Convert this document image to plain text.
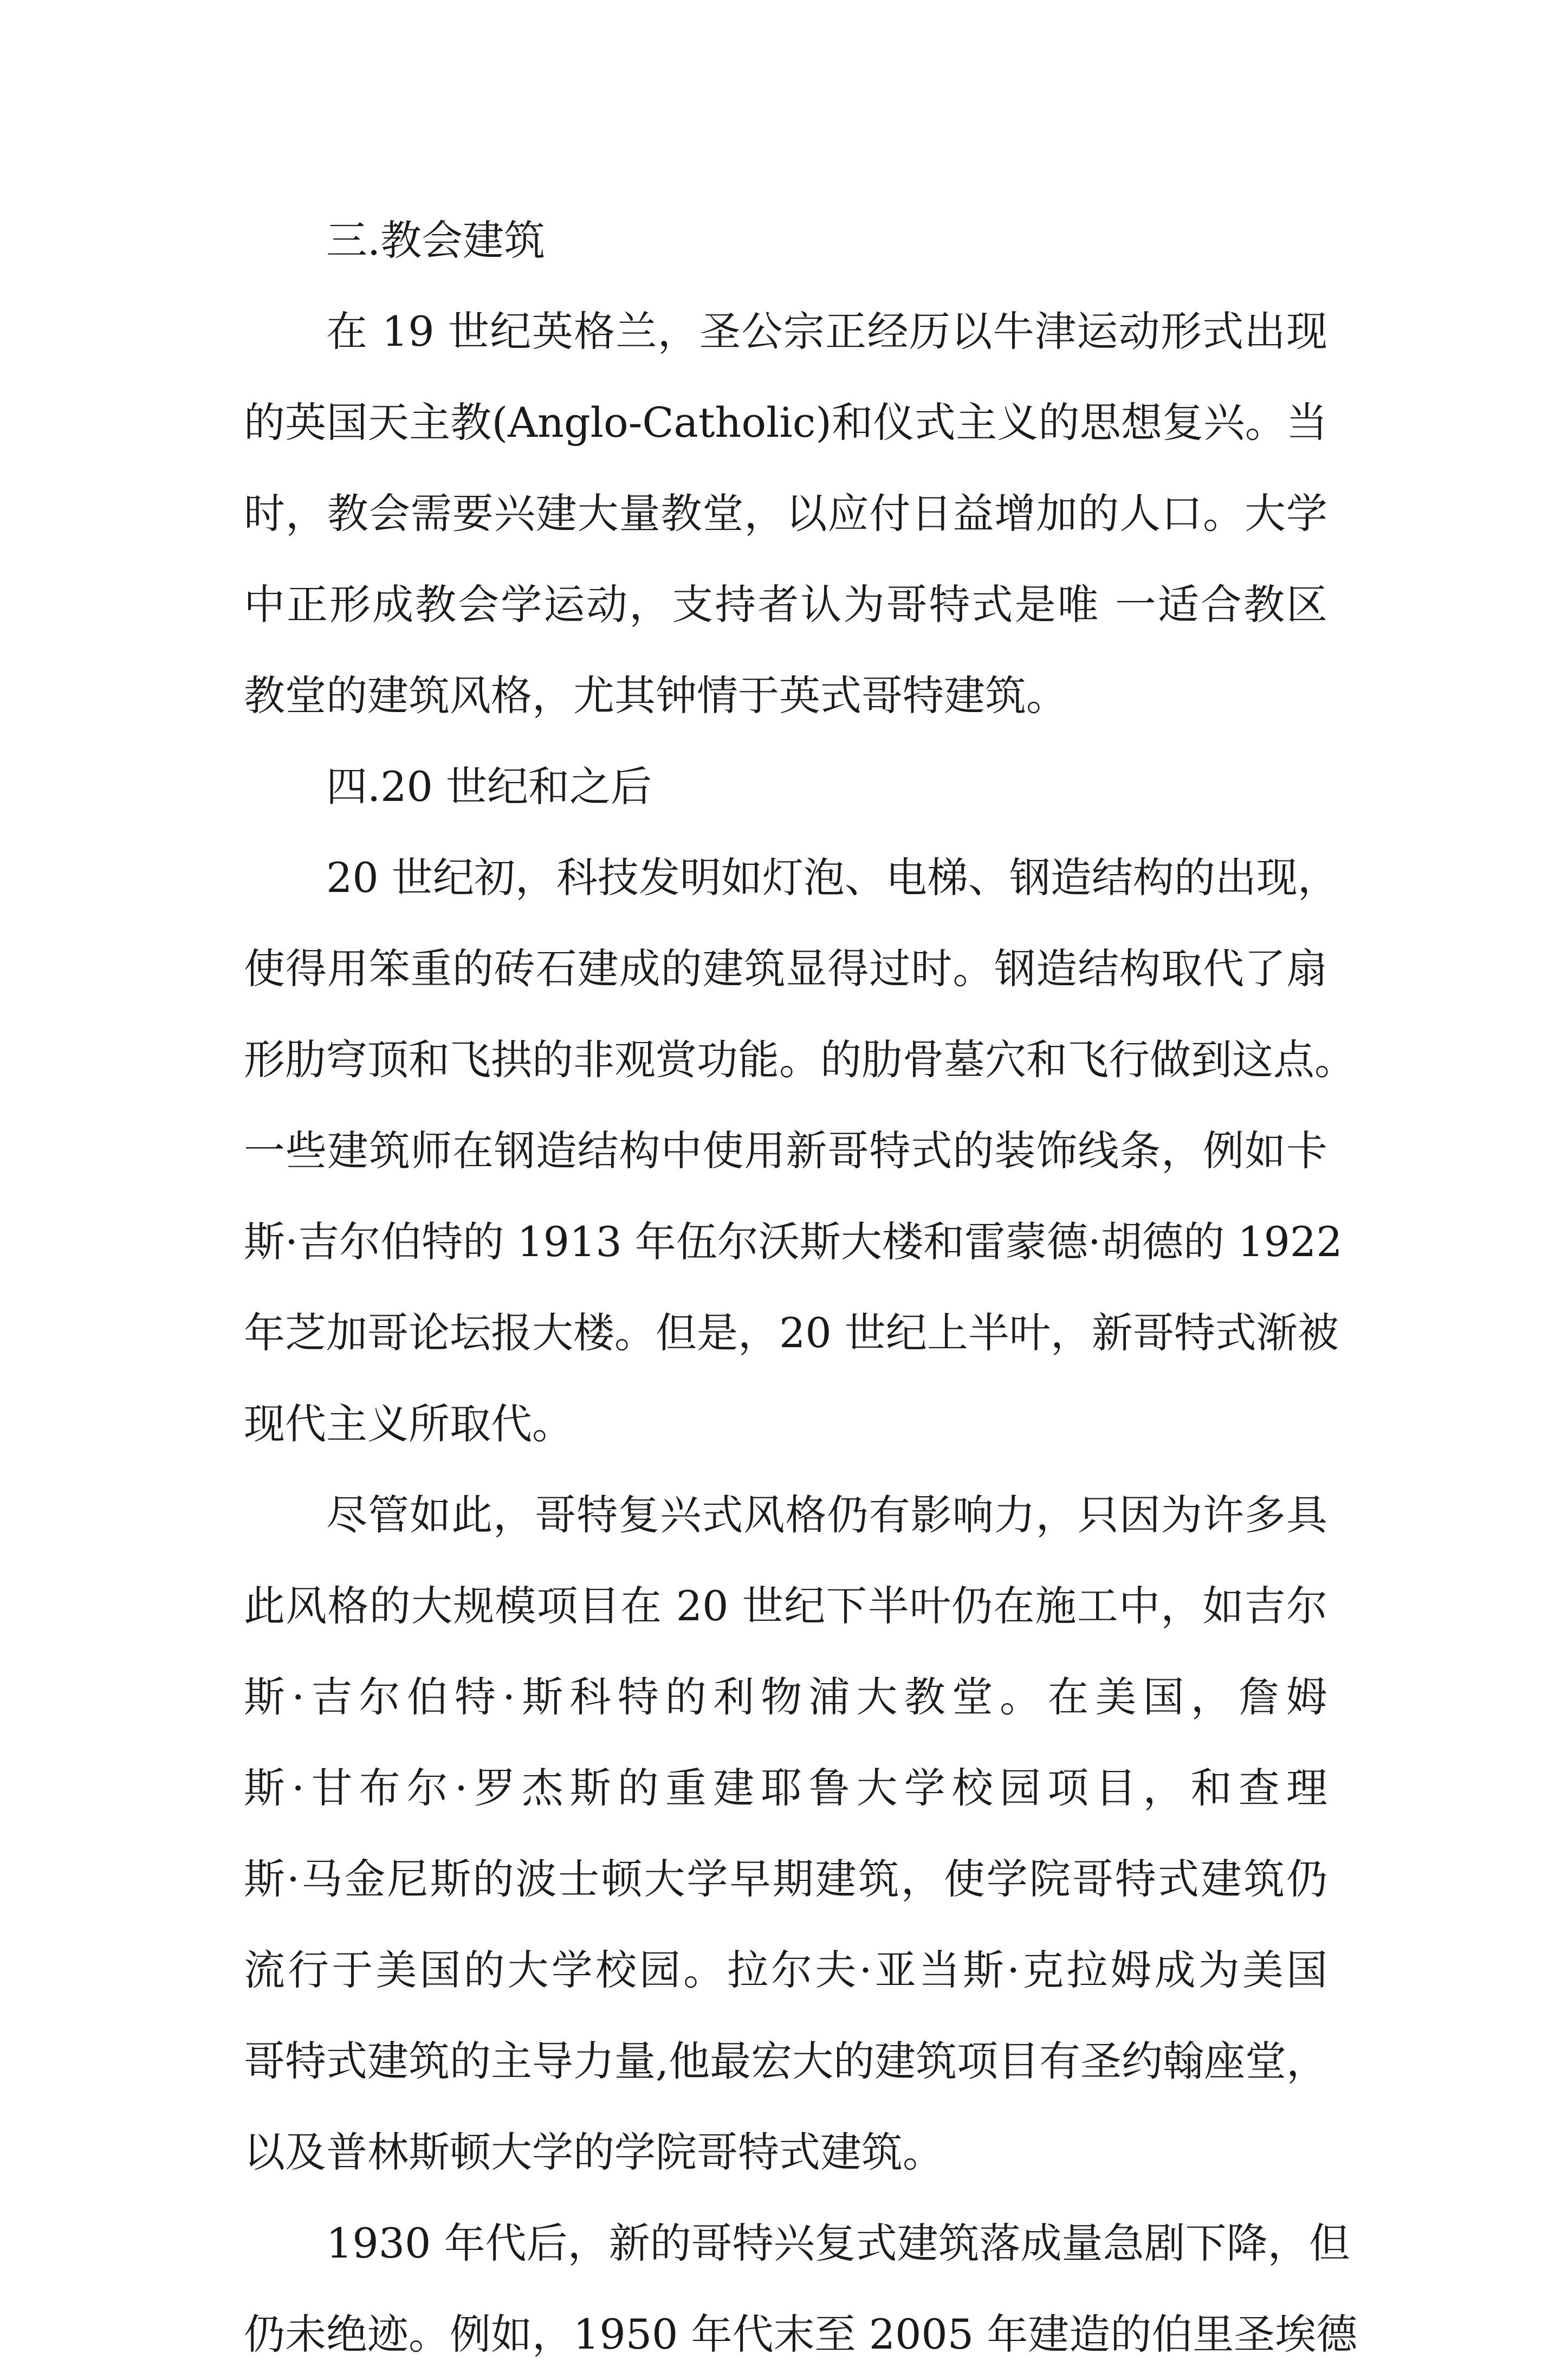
三.教会建筑
在 19 世纪英格兰，圣公宗正经历以牛津运动形式出现
的英国天主教(Anglo-Catholic)和仪式主义的思想复兴。当
时，教会需要兴建大量教堂，以应付日益增加的人口。大学
中正形成教会学运动，支持者认为哥特式是唯 一适合教区
教堂的建筑风格，尤其钟情于英式哥特建筑。
四.20 世纪和之后
20 世纪初，科技发明如灯泡、电梯、钢造结构的出现，
使得用笨重的砖石建成的建筑显得过时。钢造结构取代了扇
形肋穹顶和飞拱的非观赏功能。的肋骨墓穴和飞行做到这点。
一些建筑师在钢造结构中使用新哥特式的装饰线条，例如卡
斯·吉尔伯特的 1913 年伍尔沃斯大楼和雷蒙德·胡德的 1922
年芝加哥论坛报大楼。但是，20 世纪上半叶，新哥特式渐被
现代主义所取代。
尽管如此，哥特复兴式风格仍有影响力，只因为许多具
此风格的大规模项目在 20 世纪下半叶仍在施工中，如吉尔
斯·吉尔伯特·斯科特的利物浦大教堂。在美国，詹姆
斯·甘布尔·罗杰斯的重建耶鲁大学校园项目，和查理
斯·马金尼斯的波士顿大学早期建筑，使学院哥特式建筑仍
流行于美国的大学校园。拉尔夫·亚当斯·克拉姆成为美国
哥特式建筑的主导力量,他最宏大的建筑项目有圣约翰座堂，
以及普林斯顿大学的学院哥特式建筑。
1930 年代后，新的哥特兴复式建筑落成量急剧下降，但
仍未绝迹。例如，1950 年代末至 2005 年建造的伯里圣埃德
